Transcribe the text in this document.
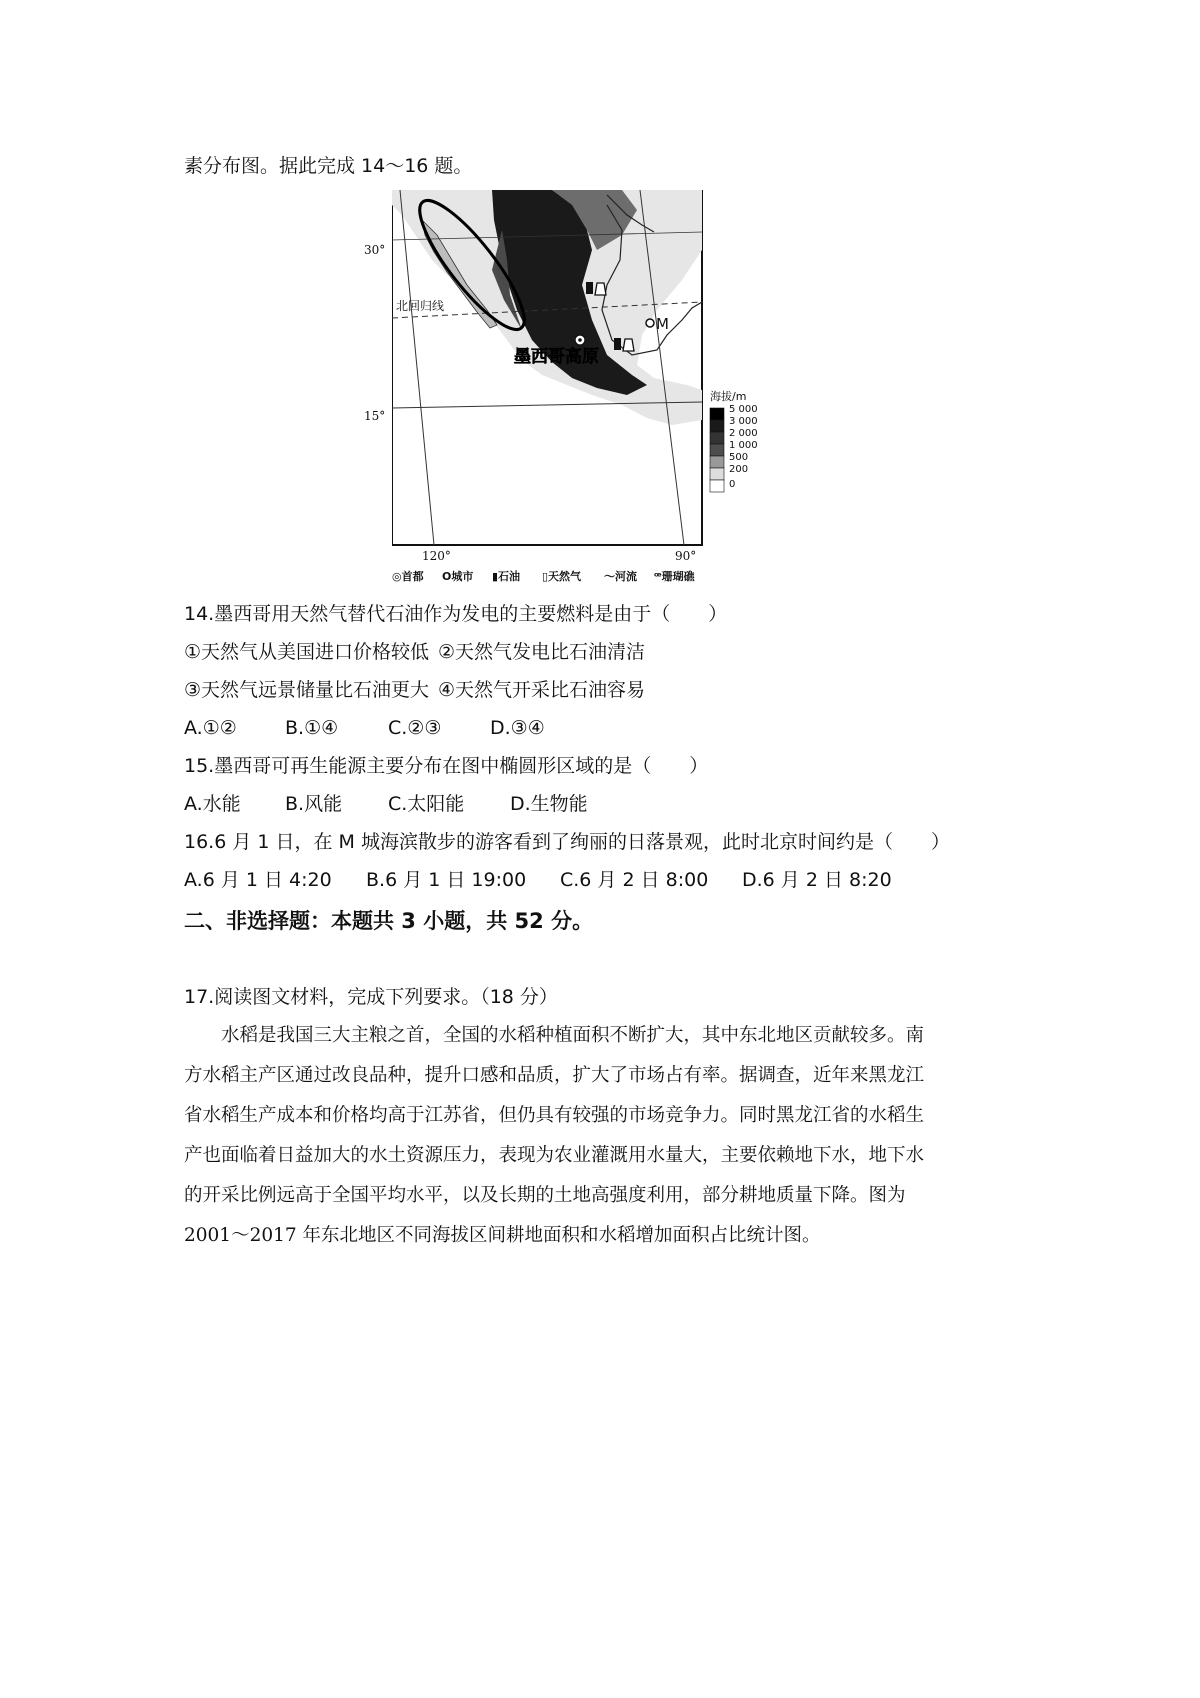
素分布图。据此完成 14～16 题。
M
墨西哥高原
北回归线
海拔/m
5 000
3 000
2 000
1 000
500
200
0
120°	90°
◎首都 O城市 ▮石油 ▯天然气 〜河流 ꟹ珊瑚礁
30°
15°
14.墨西哥用天然气替代石油作为发电的主要燃料是由于（　　）
①天然气从美国进口价格较低 ②天然气发电比石油清洁
③天然气远景储量比石油更大 ④天然气开采比石油容易
A.①②	B.①④	C.②③	D.③④
15.墨西哥可再生能源主要分布在图中椭圆形区域的是（　　）
A.水能 B.风能 C.太阳能 D.生物能
16.6 月 1 日，在 M 城海滨散步的游客看到了绚丽的日落景观，此时北京时间约是（　　）
A.6 月 1 日 4:20 B.6 月 1 日 19:00 C.6 月 2 日 8:00 D.6 月 2 日 8:20
二、非选择题：本题共 3 小题，共 52 分。
17.阅读图文材料，完成下列要求。（18 分）
　　水稻是我国三大主粮之首，全国的水稻种植面积不断扩大，其中东北地区贡献较多。南
方水稻主产区通过改良品种，提升口感和品质，扩大了市场占有率。据调查，近年来黑龙江
省水稻生产成本和价格均高于江苏省，但仍具有较强的市场竞争力。同时黑龙江省的水稻生
产也面临着日益加大的水土资源压力，表现为农业灌溉用水量大，主要依赖地下水，地下水
的开采比例远高于全国平均水平，以及长期的土地高强度利用，部分耕地质量下降。图为
2001～2017 年东北地区不同海拔区间耕地面积和水稻增加面积占比统计图。
